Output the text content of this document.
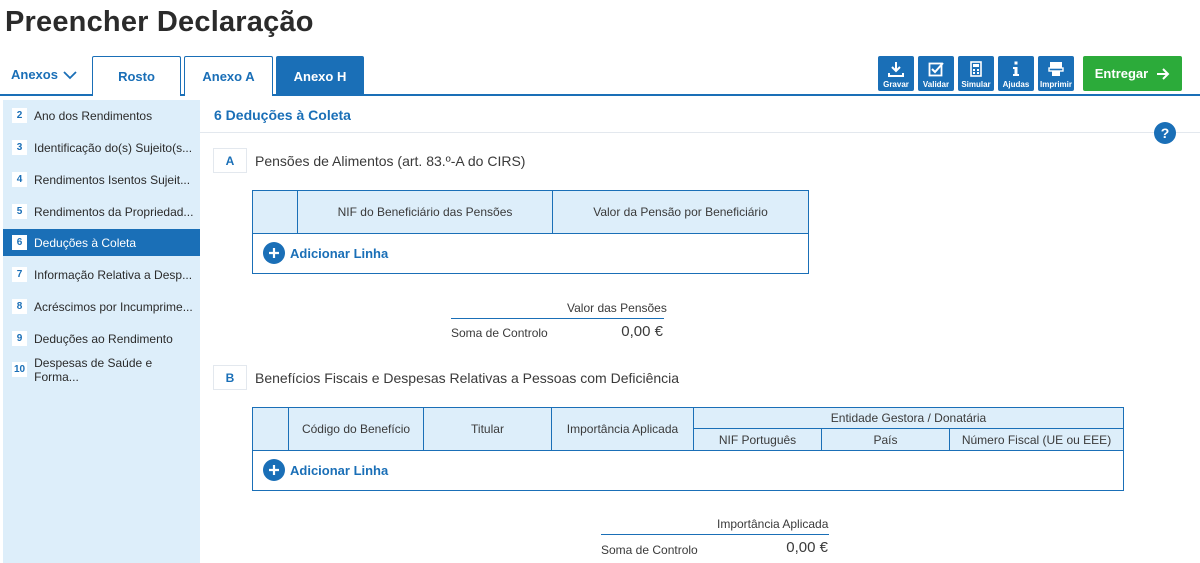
Preencher Declaração
Anexos	Rosto	Anexo A	Anexo H
Gravar Validar Simular Ajudas Imprimir
Entregar
2 Ano dos Rendimentos
3 Identificação do(s) Sujeito(s...
4 Rendimentos Isentos Sujeit...
5 Rendimentos da Propriedad...
6 Deduções à Coleta
7 Informação Relativa a Desp...
8 Acréscimos por Incumprime...
9 Deduções ao Rendimento
10 Despesas de Saúde e Forma...
6 Deduções à Coleta
?
A	Pensões de Alimentos (art. 83.º-A do CIRS)
NIF do Beneficiário das Pensões	Valor da Pensão por Beneficiário
Adicionar Linha
Valor das Pensões
Soma de Controlo	0,00 €
B	Benefícios Fiscais e Despesas Relativas a Pessoas com Deficiência
Código do Benefício	Titular	Importância Aplicada
Entidade Gestora / Donatária
NIF Português	País	Número Fiscal (UE ou EEE)
Adicionar Linha
Importância Aplicada
Soma de Controlo	0,00 €
